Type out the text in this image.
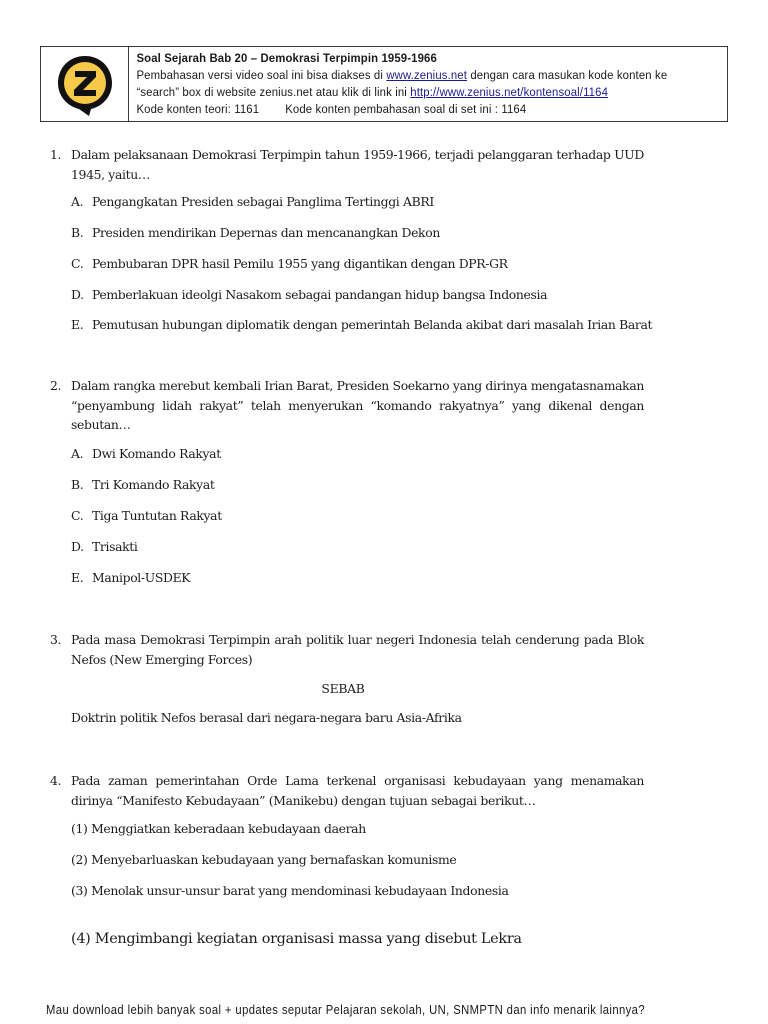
Soal Sejarah Bab 20 – Demokrasi Terpimpin 1959-1966
Pembahasan versi video soal ini bisa diakses di www.zenius.net dengan cara masukan kode konten ke
“search” box di website zenius.net atau klik di link ini http://www.zenius.net/kontensoal/1164
Kode konten teori: 1161 Kode konten pembahasan soal di set ini : 1164
1. Dalam pelaksanaan Demokrasi Terpimpin tahun 1959-1966, terjadi pelanggaran terhadap UUD 1945, yaitu…
A. Pengangkatan Presiden sebagai Panglima Tertinggi ABRI
B. Presiden mendirikan Depernas dan mencanangkan Dekon
C. Pembubaran DPR hasil Pemilu 1955 yang digantikan dengan DPR-GR
D. Pemberlakuan ideolgi Nasakom sebagai pandangan hidup bangsa Indonesia
E. Pemutusan hubungan diplomatik dengan pemerintah Belanda akibat dari masalah Irian Barat
2. Dalam rangka merebut kembali Irian Barat, Presiden Soekarno yang dirinya mengatasnamakan “penyambung lidah rakyat” telah menyerukan “komando rakyatnya” yang dikenal dengan sebutan…
A. Dwi Komando Rakyat
B. Tri Komando Rakyat
C. Tiga Tuntutan Rakyat
D. Trisakti
E. Manipol-USDEK
3. Pada masa Demokrasi Terpimpin arah politik luar negeri Indonesia telah cenderung pada Blok Nefos (New Emerging Forces)
SEBAB
Doktrin politik Nefos berasal dari negara-negara baru Asia-Afrika
4. Pada zaman pemerintahan Orde Lama terkenal organisasi kebudayaan yang menamakan dirinya “Manifesto Kebudayaan” (Manikebu) dengan tujuan sebagai berikut…
(1) Menggiatkan keberadaan kebudayaan daerah
(2) Menyebarluaskan kebudayaan yang bernafaskan komunisme
(3) Menolak unsur-unsur barat yang mendominasi kebudayaan Indonesia
(4) Mengimbangi kegiatan organisasi massa yang disebut Lekra
Mau download lebih banyak soal + updates seputar Pelajaran sekolah, UN, SNMPTN dan info menarik lainnya?
